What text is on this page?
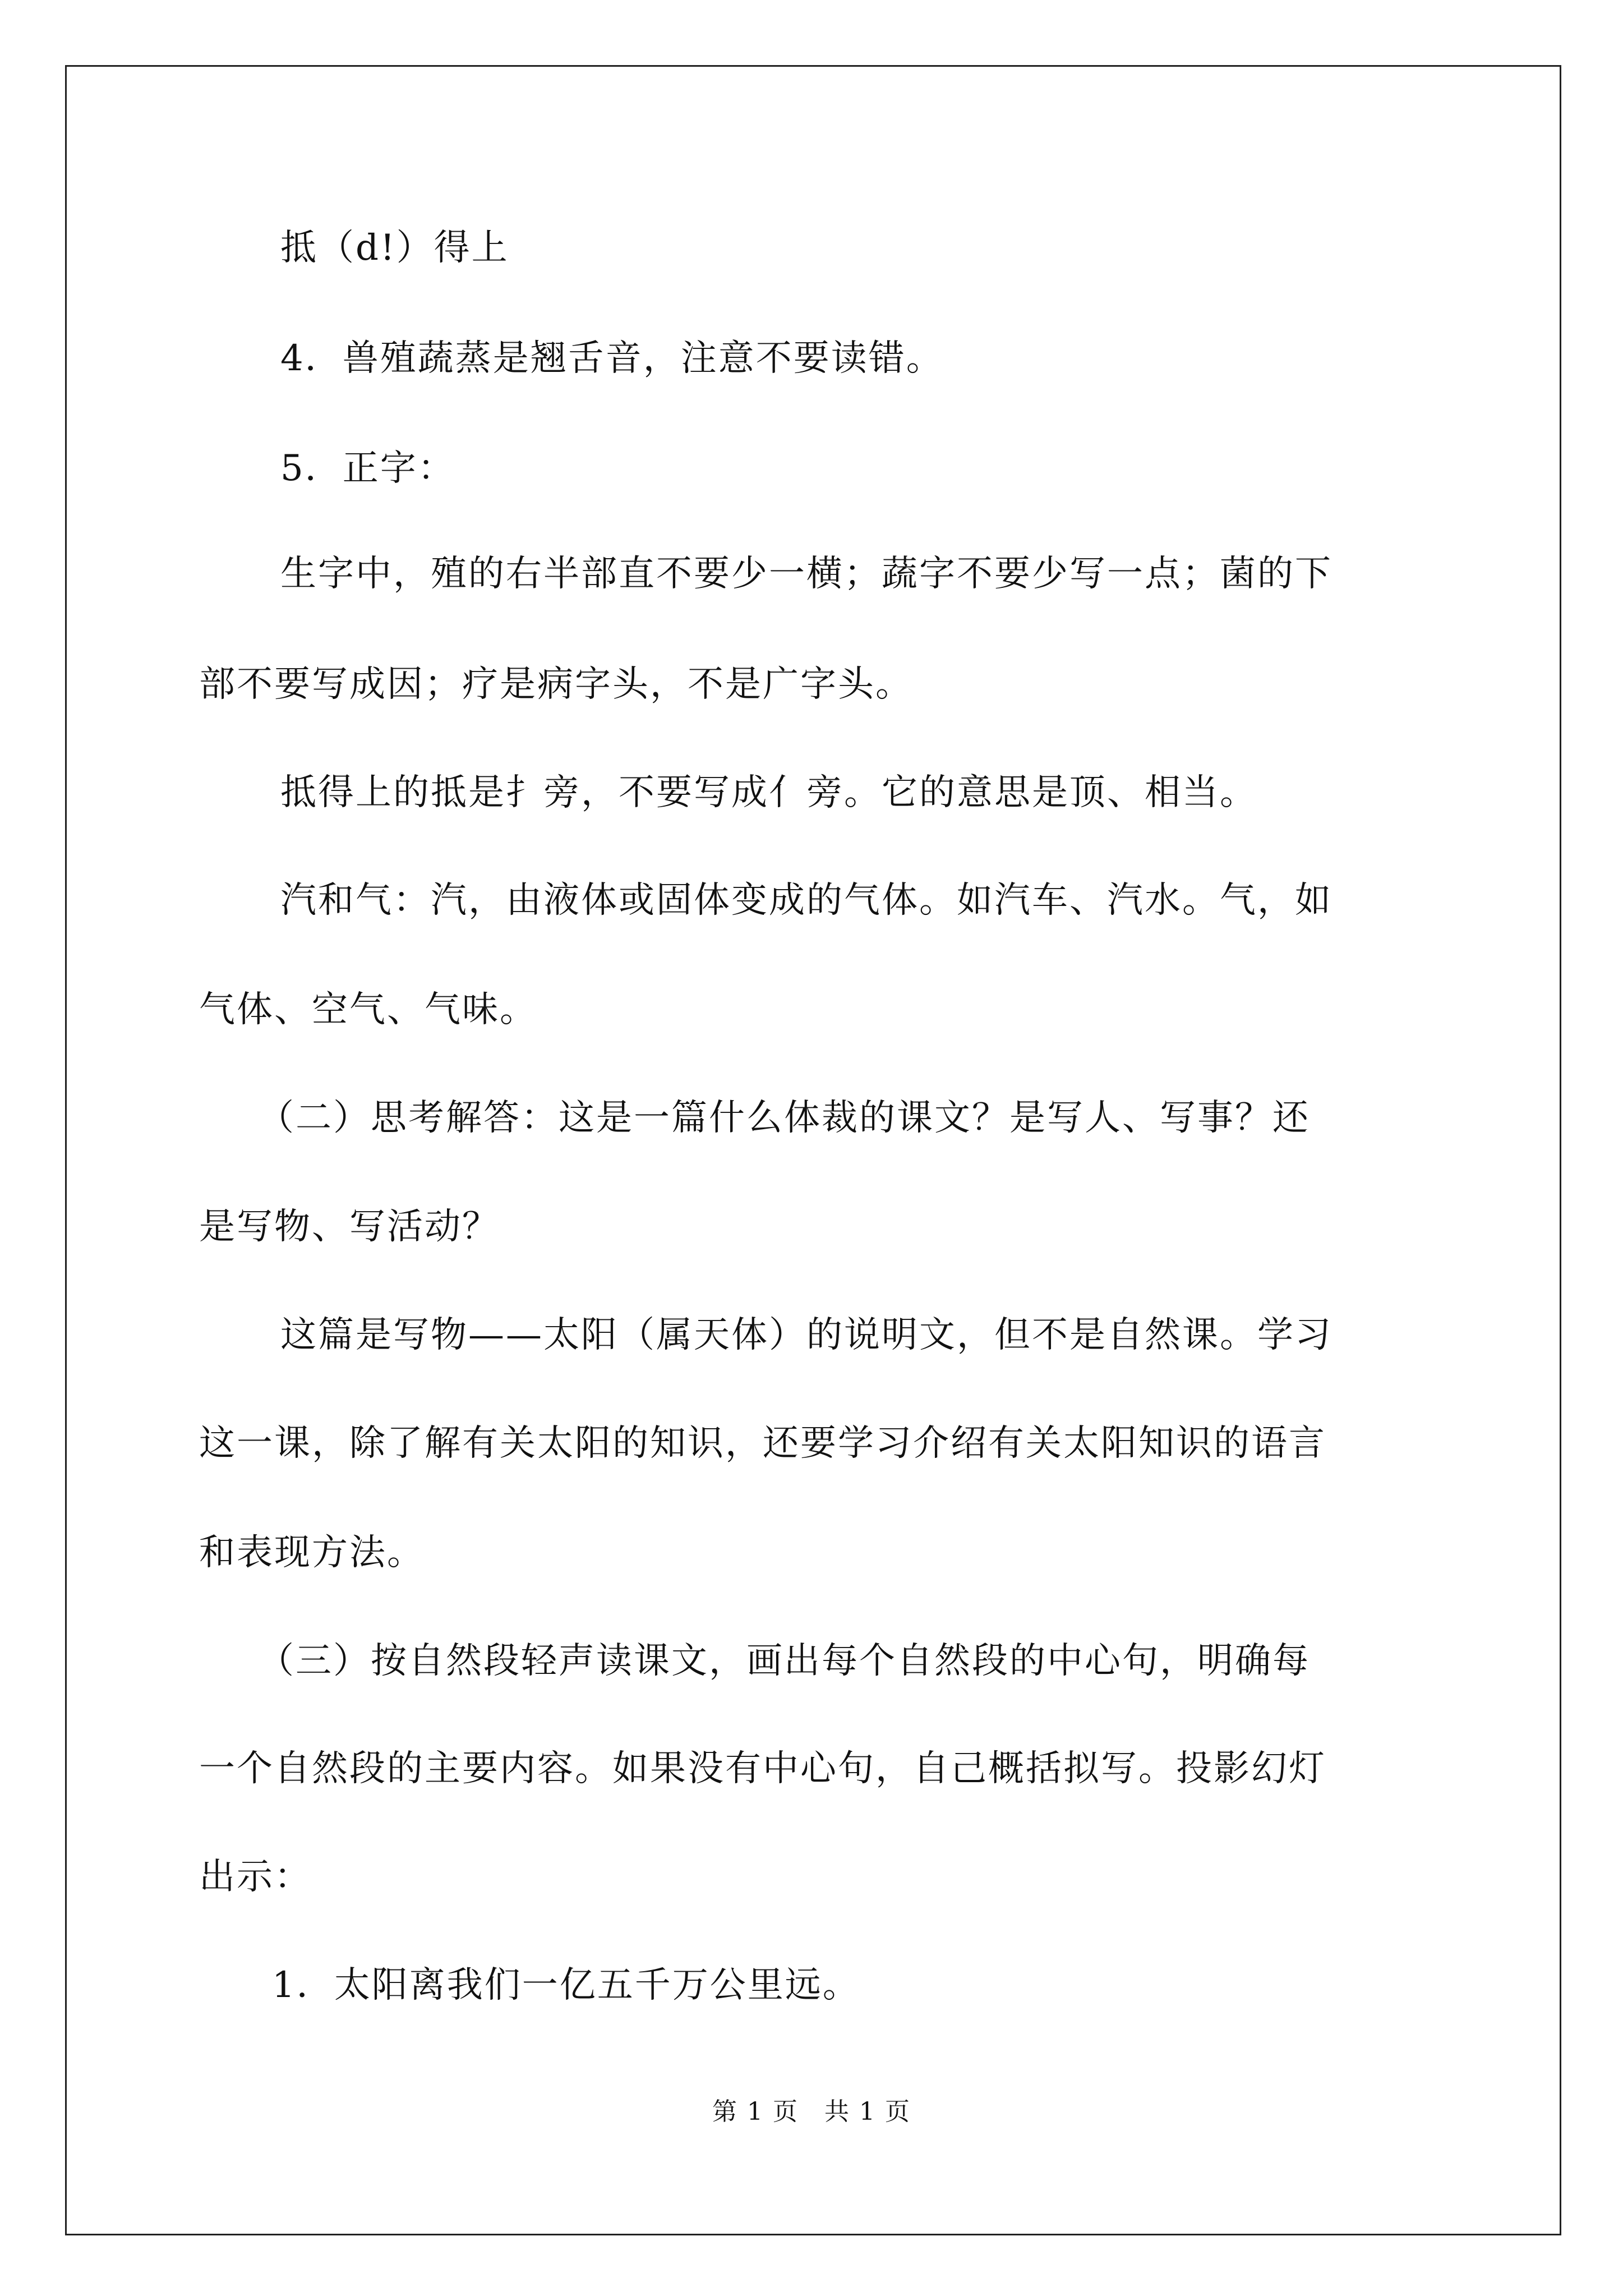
抵（d!）得上
4．兽殖蔬蒸是翘舌音，注意不要读错。
5．正字：
生字中，殖的右半部直不要少一横；蔬字不要少写一点；菌的下
部不要写成因；疗是病字头，不是广字头。
抵得上的抵是扌旁，不要写成亻旁。它的意思是顶、相当。
汽和气：汽，由液体或固体变成的气体。如汽车、汽水。气，如
气体、空气、气味。
（二）思考解答：这是一篇什么体裁的课文？是写人、写事？还
是写物、写活动？
这篇是写物——太阳（属天体）的说明文，但不是自然课。学习
这一课，除了解有关太阳的知识，还要学习介绍有关太阳知识的语言
和表现方法。
（三）按自然段轻声读课文，画出每个自然段的中心句，明确每
一个自然段的主要内容。如果没有中心句，自己概括拟写。投影幻灯
出示：
1．太阳离我们一亿五千万公里远。
第 1 页　共 1 页
